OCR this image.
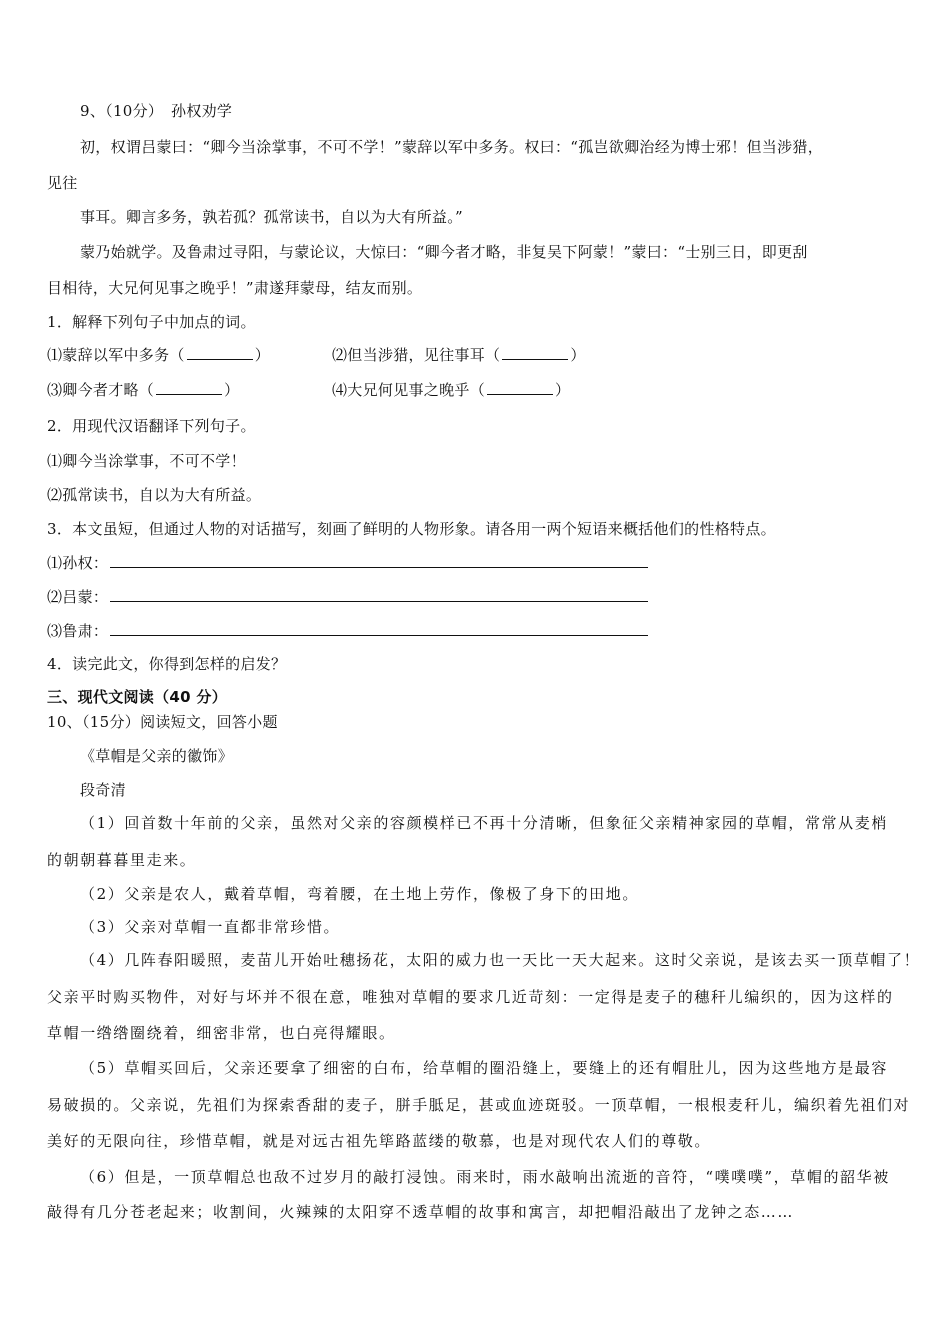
9、（10分）　孙权劝学
初，权谓吕蒙曰：“卿今当涂掌事，不可不学！”蒙辞以军中多务。权曰：“孤岂欲卿治经为博士邪！但当涉猎，
见往
事耳。卿言多务，孰若孤？孤常读书，自以为大有所益。”
蒙乃始就学。及鲁肃过寻阳，与蒙论议，大惊曰：“卿今者才略，非复吴下阿蒙！”蒙曰：“士别三日，即更刮
目相待，大兄何见事之晚乎！”肃遂拜蒙母，结友而别。
1．解释下列句子中加点的词。
⑴蒙辞以军中多务（	）	⑵但当涉猎，见往事耳（	）
⑶卿今者才略（	）	⑷大兄何见事之晚乎（	）
2．用现代汉语翻译下列句子。
⑴卿今当涂掌事，不可不学！
⑵孤常读书，自以为大有所益。
3．本文虽短，但通过人物的对话描写，刻画了鲜明的人物形象。请各用一两个短语来概括他们的性格特点。
⑴孙权：
⑵吕蒙：
⑶鲁肃：
4．读完此文，你得到怎样的启发？
三、现代文阅读（40 分）
10、（15分）阅读短文，回答小题
《草帽是父亲的徽饰》
段奇清
（1）回首数十年前的父亲，虽然对父亲的容颜模样已不再十分清晰，但象征父亲精神家园的草帽，常常从麦梢
的朝朝暮暮里走来。
（2）父亲是农人，戴着草帽，弯着腰，在土地上劳作，像极了身下的田地。
（3）父亲对草帽一直都非常珍惜。
（4）几阵春阳暖照，麦苗儿开始吐穗扬花，太阳的威力也一天比一天大起来。这时父亲说，是该去买一顶草帽了！
父亲平时购买物件，对好与坏并不很在意，唯独对草帽的要求几近苛刻：一定得是麦子的穗秆儿编织的，因为这样的
草帽一绺绺圈绕着，细密非常，也白亮得耀眼。
（5）草帽买回后，父亲还要拿了细密的白布，给草帽的圈沿缝上，要缝上的还有帽肚儿，因为这些地方是最容
易破损的。父亲说，先祖们为探索香甜的麦子，胼手胝足，甚或血迹斑驳。一顶草帽，一根根麦秆儿，编织着先祖们对
美好的无限向往，珍惜草帽，就是对远古祖先筚路蓝缕的敬慕，也是对现代农人们的尊敬。
（6）但是，一顶草帽总也敌不过岁月的敲打浸蚀。雨来时，雨水敲响出流逝的音符，“噗噗噗”，草帽的韶华被
敲得有几分苍老起来；收割间，火辣辣的太阳穿不透草帽的故事和寓言，却把帽沿敲出了龙钟之态……
